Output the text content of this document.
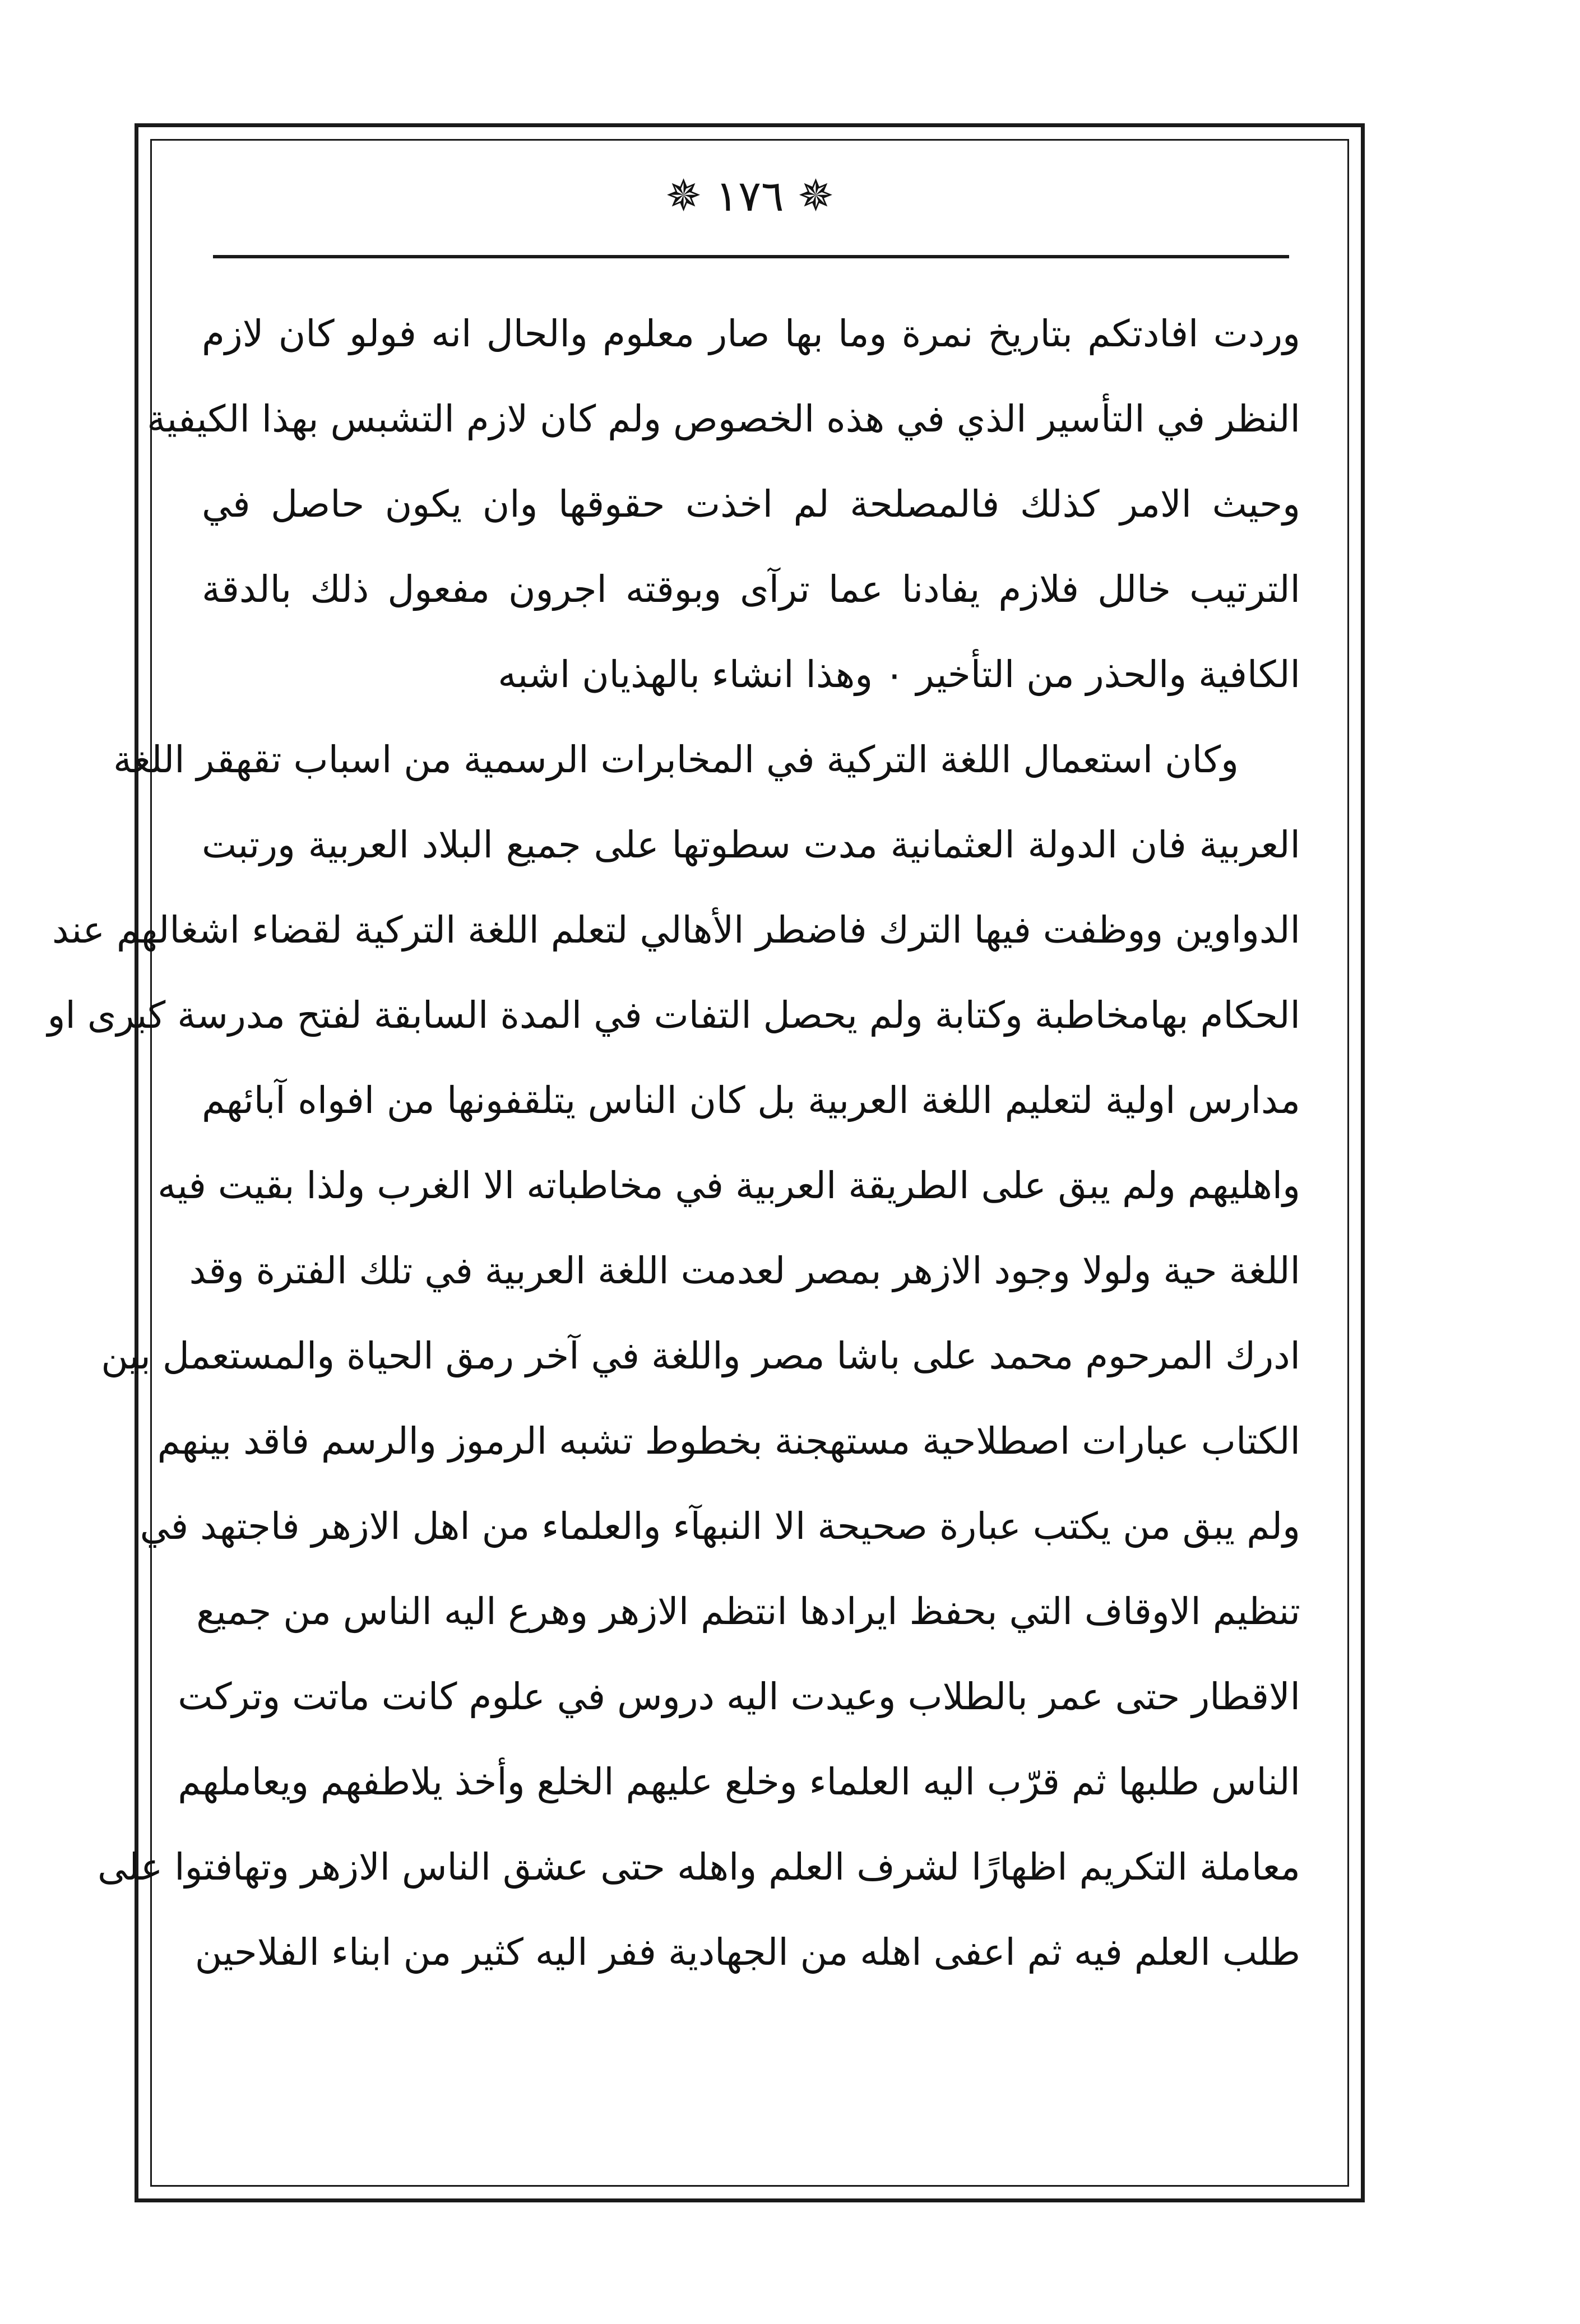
✵
١٧٦
✵
وردت افادتكم بتاريخ نمرة وما بها صار معلوم والحال انه فولو كان لازم
النظر في التأسير الذي في هذه الخصوص ولم كان لازم التشبس بهذا الكيفية
وحيث الامر كذلك فالمصلحة لم اخذت حقوقها وان يكون حاصل في
الترتيب خالل فلازم يفادنا عما ترآى وبوقته اجرون مفعول ذلك بالدقة
الكافية والحذر من التأخير ٠ وهذا انشاء بالهذيان اشبه
وكان استعمال اللغة التركية في المخابرات الرسمية من اسباب تقهقر اللغة
العربية فان الدولة العثمانية مدت سطوتها على جميع البلاد العربية ورتبت
الدواوين ووظفت فيها الترك فاضطر الأهالي لتعلم اللغة التركية لقضاء اشغالهم عند
الحكام بهامخاطبة وكتابة ولم يحصل التفات في المدة السابقة لفتح مدرسة كبرى او
مدارس اولية لتعليم اللغة العربية بل كان الناس يتلقفونها من افواه آبائهم
واهليهم ولم يبق على الطريقة العربية في مخاطباته الا الغرب ولذا بقيت فيه
اللغة حية ولولا وجود الازهر بمصر لعدمت اللغة العربية في تلك الفترة وقد
ادرك المرحوم محمد على باشا مصر واللغة في آخر رمق الحياة والمستعمل بين
الكتاب عبارات اصطلاحية مستهجنة بخطوط تشبه الرموز والرسم فاقد بينهم
ولم يبق من يكتب عبارة صحيحة الا النبهآء والعلماء من اهل الازهر فاجتهد في
تنظيم الاوقاف التي بحفظ ايرادها انتظم الازهر وهرع اليه الناس من جميع
الاقطار حتى عمر بالطلاب وعيدت اليه دروس في علوم كانت ماتت وتركت
الناس طلبها ثم قرّب اليه العلماء وخلع عليهم الخلع وأخذ يلاطفهم ويعاملهم
معاملة التكريم اظهارًا لشرف العلم واهله حتى عشق الناس الازهر وتهافتوا على
طلب العلم فيه ثم اعفى اهله من الجهادية ففر اليه كثير من ابناء الفلاحين
